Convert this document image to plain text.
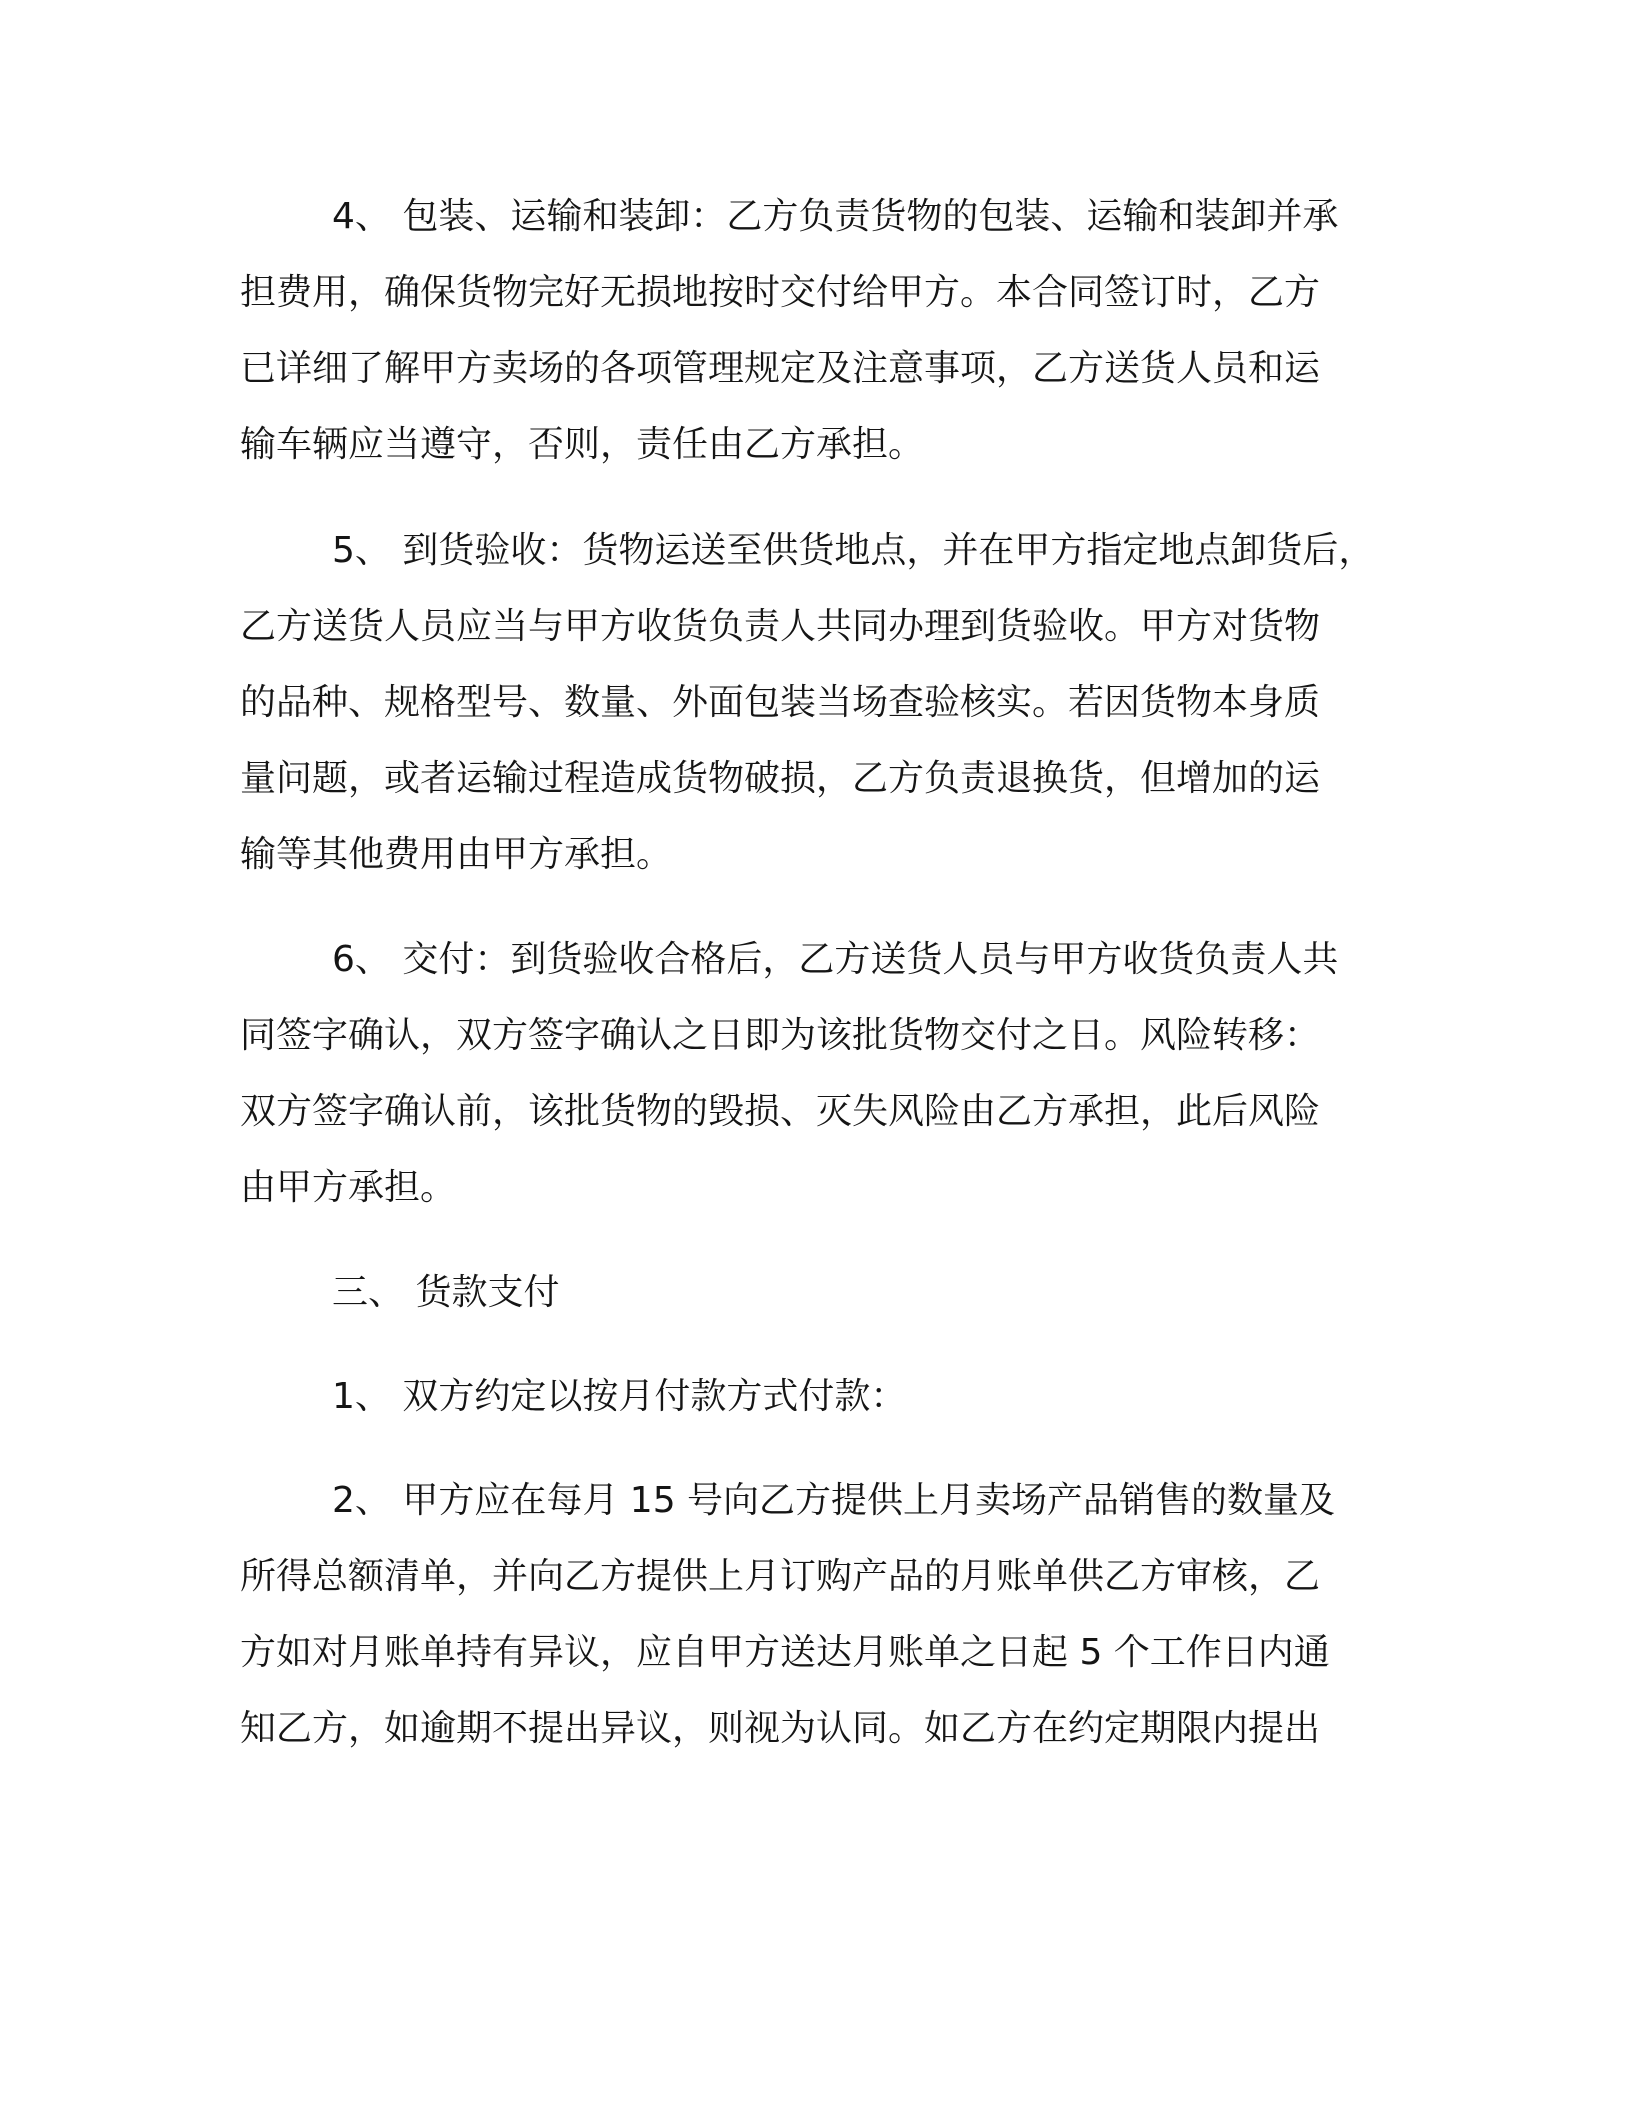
4、 包装、运输和装卸：乙方负责货物的包装、运输和装卸并承
担费用，确保货物完好无损地按时交付给甲方。本合同签订时，乙方
已详细了解甲方卖场的各项管理规定及注意事项，乙方送货人员和运
输车辆应当遵守，否则，责任由乙方承担。
5、 到货验收：货物运送至供货地点，并在甲方指定地点卸货后，
乙方送货人员应当与甲方收货负责人共同办理到货验收。甲方对货物
的品种、规格型号、数量、外面包装当场查验核实。若因货物本身质
量问题，或者运输过程造成货物破损，乙方负责退换货，但增加的运
输等其他费用由甲方承担。
6、 交付：到货验收合格后，乙方送货人员与甲方收货负责人共
同签字确认，双方签字确认之日即为该批货物交付之日。风险转移：
双方签字确认前，该批货物的毁损、灭失风险由乙方承担，此后风险
由甲方承担。
三、 货款支付
1、 双方约定以按月付款方式付款：
2、 甲方应在每月 15 号向乙方提供上月卖场产品销售的数量及
所得总额清单，并向乙方提供上月订购产品的月账单供乙方审核，乙
方如对月账单持有异议，应自甲方送达月账单之日起 5 个工作日内通
知乙方，如逾期不提出异议，则视为认同。如乙方在约定期限内提出
